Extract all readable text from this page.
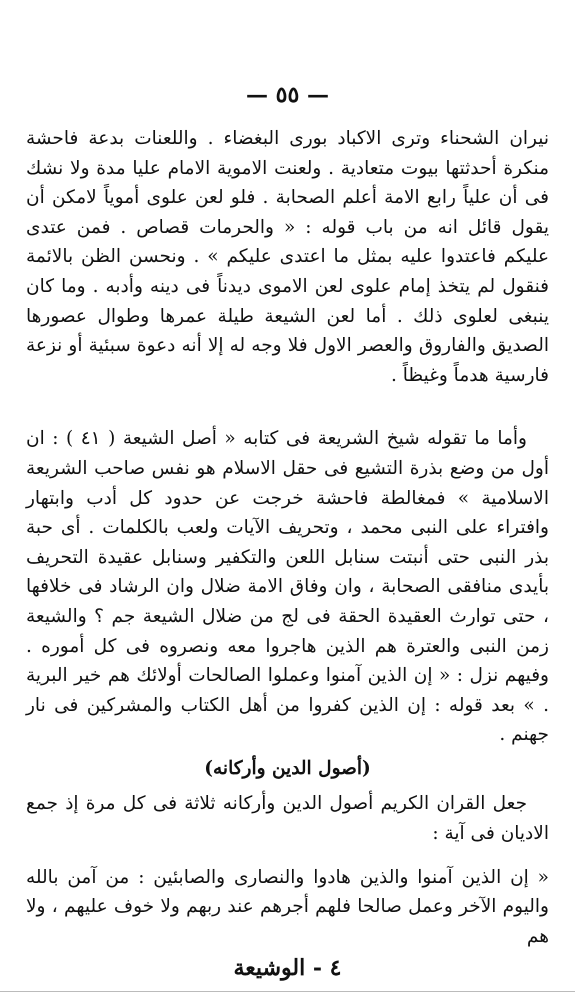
— ٥٥ —

نيران الشحناء وترى الاكباد بورى البغضاء . واللعنات بدعة فاحشة منكرة أحدثتها بيوت متعادية . ولعنت الاموية الامام عليا مدة ولا نشك فى أن علياً رابع الامة أعلم الصحابة . فلو لعن علوى أموياً لامكن أن يقول قائل انه من باب قوله : « والحرمات قصاص . فمن عتدى عليكم فاعتدوا عليه بمثل ما اعتدى عليكم » . ونحسن الظن بالائمة فنقول لم يتخذ إمام علوى لعن الاموى ديدناً فى دينه وأدبه . وما كان ينبغى لعلوى ذلك . أما لعن الشيعة طيلة عمرها وطوال عصورها الصديق والفاروق والعصر الاول فلا وجه له إلا أنه دعوة سبئية أو نزعة فارسية هدماً وغيظاً .

وأما ما تقوله شيخ الشريعة فى كتابه « أصل الشيعة ( ٤١ ) : ان أول من وضع بذرة التشيع فى حقل الاسلام هو نفس صاحب الشريعة الاسلامية » فمغالطة فاحشة خرجت عن حدود كل أدب وابتهار وافتراء على النبى محمد ، وتحريف الآيات ولعب بالكلمات . أى حبة بذر النبى حتى أنبتت سنابل اللعن والتكفير وسنابل عقيدة التحريف بأيدى منافقى الصحابة ، وان وفاق الامة ضلال وان الرشاد فى خلافها ، حتى توارث العقيدة الحقة فى لج من ضلال الشيعة جم ؟ والشيعة زمن النبى والعترة هم الذين هاجروا معه ونصروه فى كل أموره . وفيهم نزل : « إن الذين آمنوا وعملوا الصالحات أولائك هم خير البرية . » بعد قوله : إن الذين كفروا من أهل الكتاب والمشركين فى نار جهنم .

(أصول الدين وأركانه)

جعل القران الكريم أصول الدين وأركانه ثلاثة فى كل مرة إذ جمع الاديان فى آية :

« إن الذين آمنوا والذين هادوا والنصارى والصابئين : من آمن بالله واليوم الآخر وعمل صالحا فلهم أجرهم عند ربهم ولا خوف عليهم ، ولا هم

٤ - الوشيعة
